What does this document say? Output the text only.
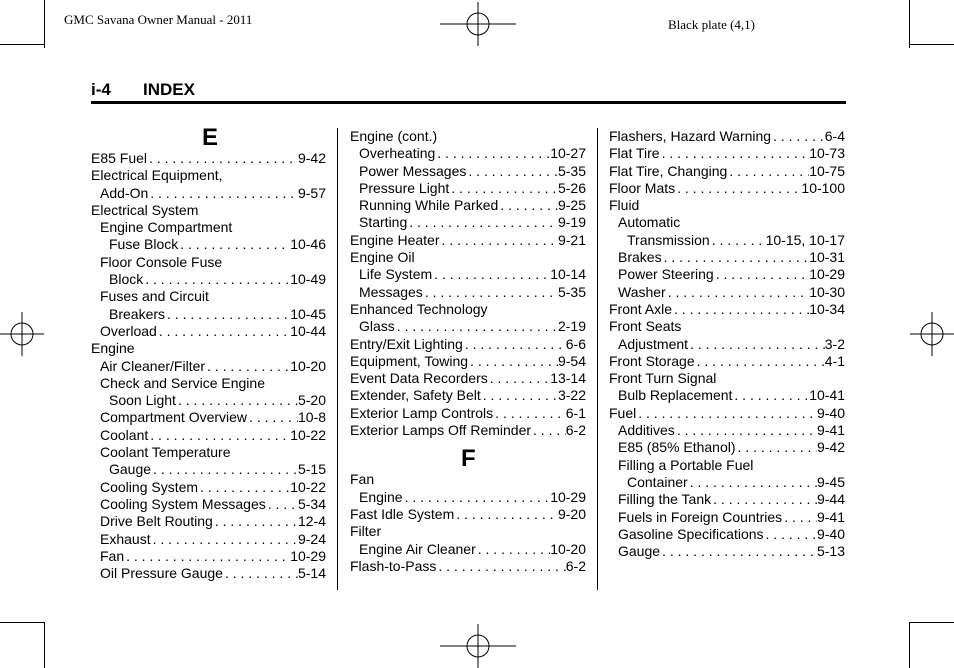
GMC Savana Owner Manual - 2011	Black plate (4,1)
i-4 INDEX
E
E85 Fuel . . .	9-42
Electrical Equipment,
Add-On . . .	9-57
Electrical System
Engine Compartment
Fuse Block . . .	10-46
Floor Console Fuse
Block . . .	10-49
Fuses and Circuit
Breakers . . .	10-45
Overload . . .	10-44
Engine
Air Cleaner/Filter . . .	10-20
Check and Service Engine
Soon Light . . .	5-20
Compartment Overview . . .	10-8
Coolant . . .	10-22
Coolant Temperature
Gauge . . .	5-15
Cooling System . . .	10-22
Cooling System Messages . . . 5-34
Drive Belt Routing . . .	12-4
Exhaust . . .	9-24
Fan . . .	10-29
Oil Pressure Gauge . . .	5-14
Engine (cont.)
Overheating . . .	10-27
Power Messages . . .	5-35
Pressure Light . . .	5-26
Running While Parked . . .	9-25
Starting . . .	9-19
Engine Heater . . .	9-21
Engine Oil
Life System . . .	10-14
Messages . . .	5-35
Enhanced Technology
Glass . . .	2-19
Entry/Exit Lighting . . .	6-6
Equipment, Towing . . .	9-54
Event Data Recorders . . .	13-14
Extender, Safety Belt . . .	3-22
Exterior Lamp Controls . . .	6-1
Exterior Lamps Off Reminder . . . 6-2
F
Fan
Engine . . .	10-29
Fast Idle System . . .	9-20
Filter
Engine Air Cleaner . . .	10-20
Flash-to-Pass . . .	6-2
Flashers, Hazard Warning . . .	6-4
Flat Tire . . .	10-73
Flat Tire, Changing . . .	10-75
Floor Mats . . .	10-100
Fluid
Automatic
Transmission . . .	10-15, 10-17
Brakes . . .	10-31
Power Steering . . .	10-29
Washer . . .	10-30
Front Axle . . .	10-34
Front Seats
Adjustment . . .	3-2
Front Storage . . .	4-1
Front Turn Signal
Bulb Replacement . . .	10-41
Fuel . . .	9-40
Additives . . .	9-41
E85 (85% Ethanol) . . .	9-42
Filling a Portable Fuel
Container . . .	9-45
Filling the Tank . . .	9-44
Fuels in Foreign Countries . . . 9-41
Gasoline Specifications . . .	9-40
Gauge . . .	5-13
